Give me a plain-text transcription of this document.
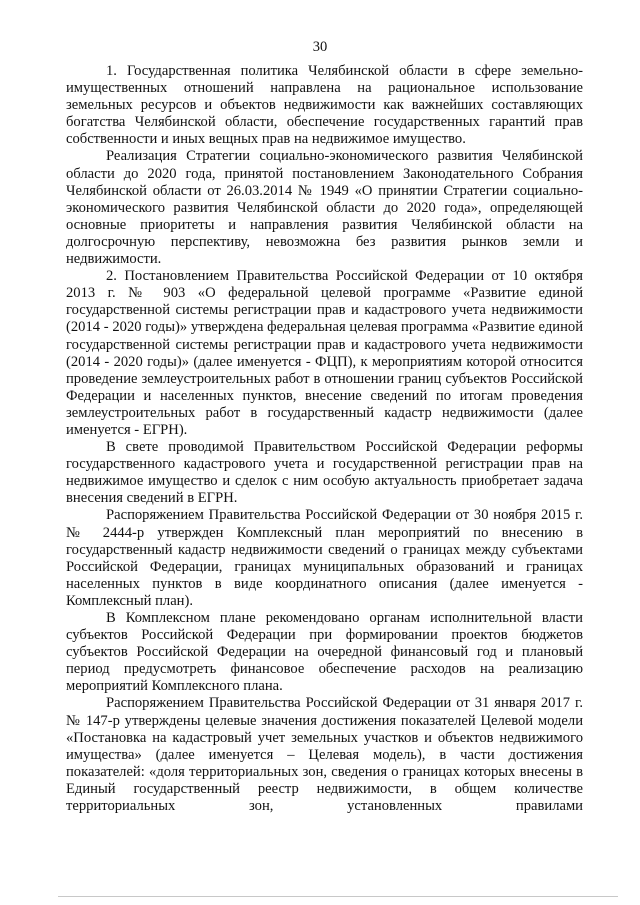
30

1. Государственная политика Челябинской области в сфере земельно-имущественных отношений направлена на рациональное использование земельных ресурсов и объектов недвижимости как важнейших составляющих богатства Челябинской области, обеспечение государственных гарантий прав собственности и иных вещных прав на недвижимое имущество.

Реализация Стратегии социально-экономического развития Челябинской области до 2020 года, принятой постановлением Законодательного Собрания Челябинской области от 26.03.2014 № 1949 «О принятии Стратегии социально-экономического развития Челябинской области до 2020 года», определяющей основные приоритеты и направления развития Челябинской области на долгосрочную перспективу, невозможна без развития рынков земли и недвижимости.

2. Постановлением Правительства Российской Федерации от 10 октября 2013 г. № 903 «О федеральной целевой программе «Развитие единой государственной системы регистрации прав и кадастрового учета недвижимости (2014 - 2020 годы)» утверждена федеральная целевая программа «Развитие единой государственной системы регистрации прав и кадастрового учета недвижимости (2014 - 2020 годы)» (далее именуется - ФЦП), к мероприятиям которой относится проведение землеустроительных работ в отношении границ субъектов Российской Федерации и населенных пунктов, внесение сведений по итогам проведения землеустроительных работ в государственный кадастр недвижимости (далее именуется - ЕГРН).

В свете проводимой Правительством Российской Федерации реформы государственного кадастрового учета и государственной регистрации прав на недвижимое имущество и сделок с ним особую актуальность приобретает задача внесения сведений в ЕГРН.

Распоряжением Правительства Российской Федерации от 30 ноября 2015 г. № 2444-р утвержден Комплексный план мероприятий по внесению в государственный кадастр недвижимости сведений о границах между субъектами Российской Федерации, границах муниципальных образований и границах населенных пунктов в виде координатного описания (далее именуется - Комплексный план).

В Комплексном плане рекомендовано органам исполнительной власти субъектов Российской Федерации при формировании проектов бюджетов субъектов Российской Федерации на очередной финансовый год и плановый период предусмотреть финансовое обеспечение расходов на реализацию мероприятий Комплексного плана.

Распоряжением Правительства Российской Федерации от 31 января 2017 г. № 147-р утверждены целевые значения достижения показателей Целевой модели «Постановка на кадастровый учет земельных участков и объектов недвижимого имущества» (далее именуется – Целевая модель), в части достижения показателей: «доля территориальных зон, сведения о границах которых внесены в Единый государственный реестр недвижимости, в общем количестве территориальных зон, установленных правилами
